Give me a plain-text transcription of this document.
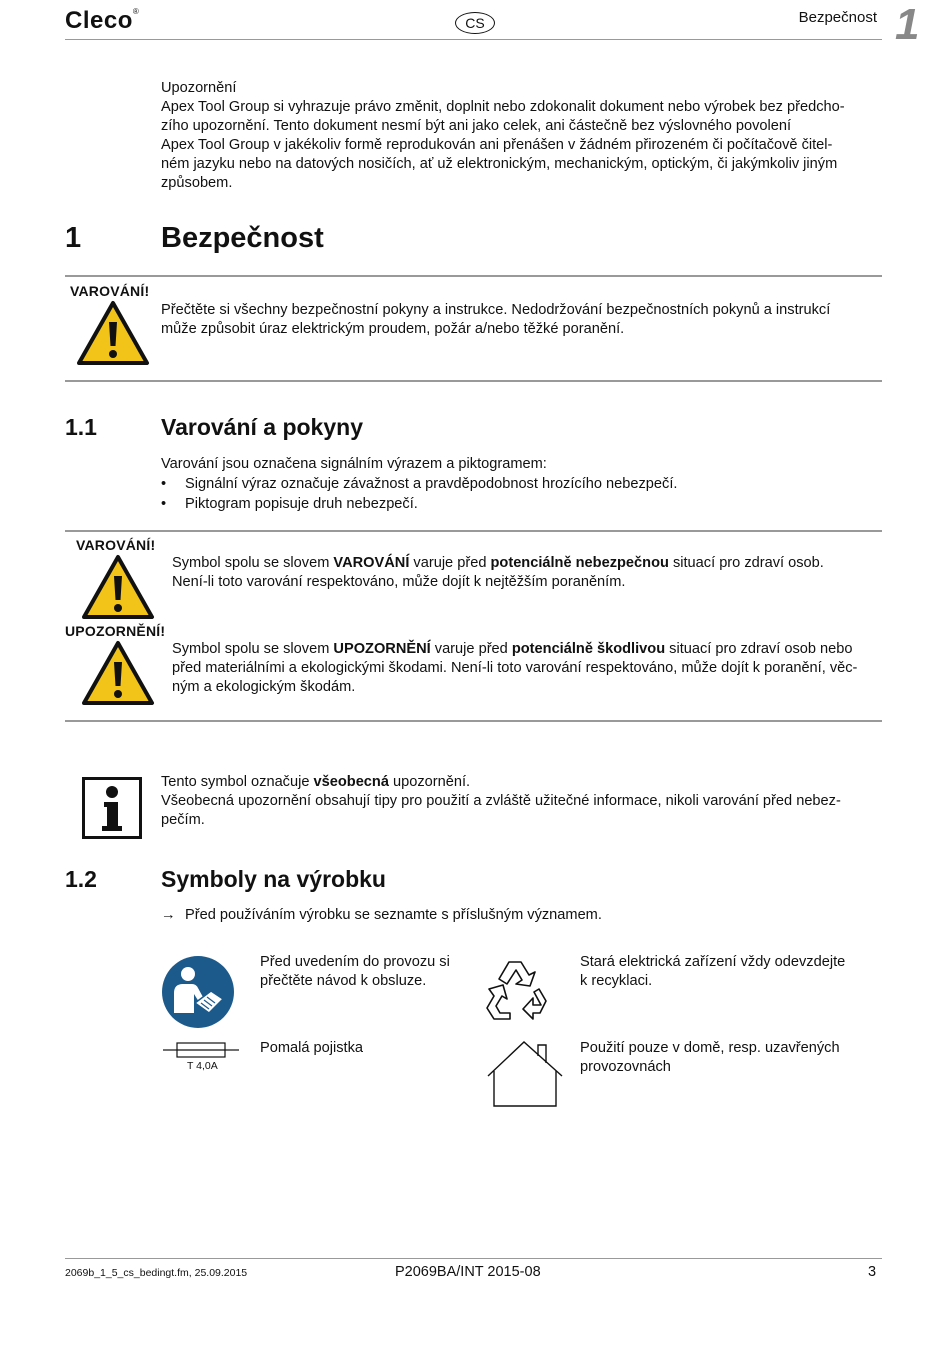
Cleco®
CS	Bezpečnost 1

Upozornění

Apex Tool Group si vyhrazuje právo změnit, doplnit nebo zdokonalit dokument nebo výrobek bez předcho-

zího upozornění. Tento dokument nesmí být ani jako celek, ani částečně bez výslovného povolení

Apex Tool Group v jakékoliv formě reprodukován ani přenášen v žádném přirozeném či počítačově čitel-

ném jazyku nebo na datových nosičích, ať už elektronickým, mechanickým, optickým, či jakýmkoliv jiným

způsobem.

1	Bezpečnost
VAROVÁNÍ!

Přečtěte si všechny bezpečnostní pokyny a instrukce. Nedodržování bezpečnostních pokynů a instrukcí

může způsobit úraz elektrickým proudem, požár a/nebo těžké poranění.

1.1	Varování a pokyny

Varování jsou označena signálním výrazem a piktogramem:

•	Signální výraz označuje závažnost a pravděpodobnost hrozícího nebezpečí.
•	Piktogram popisuje druh nebezpečí.
VAROVÁNÍ!

Symbol spolu se slovem VAROVÁNÍ varuje před potenciálně nebezpečnou situací pro zdraví osob.

Není-li toto varování respektováno, může dojít k nejtěžším poraněním.

UPOZORNĚNÍ!

Symbol spolu se slovem UPOZORNĚNÍ varuje před potenciálně škodlivou situací pro zdraví osob nebo

před materiálními a ekologickými škodami. Není-li toto varování respektováno, může dojít k poranění, věc-

ným a ekologickým škodám.

Tento symbol označuje všeobecná upozornění.

Všeobecná upozornění obsahují tipy pro použití a zvláště užitečné informace, nikoli varování před nebez-

pečím.

1.2	Symboly na výrobku
→ Před používáním výrobku se seznamte s příslušným významem.

Před uvedením do provozu si

přečtěte návod k obsluze.

Stará elektrická zařízení vždy odevzdejte

k recyklaci.

T 4,0A

Pomalá pojistka	Použití pouze v domě, resp. uzavřených

provozovnách

2069b_1_5_cs_bedingt.fm, 25.09.2015	P2069BA/INT 2015-08	3
